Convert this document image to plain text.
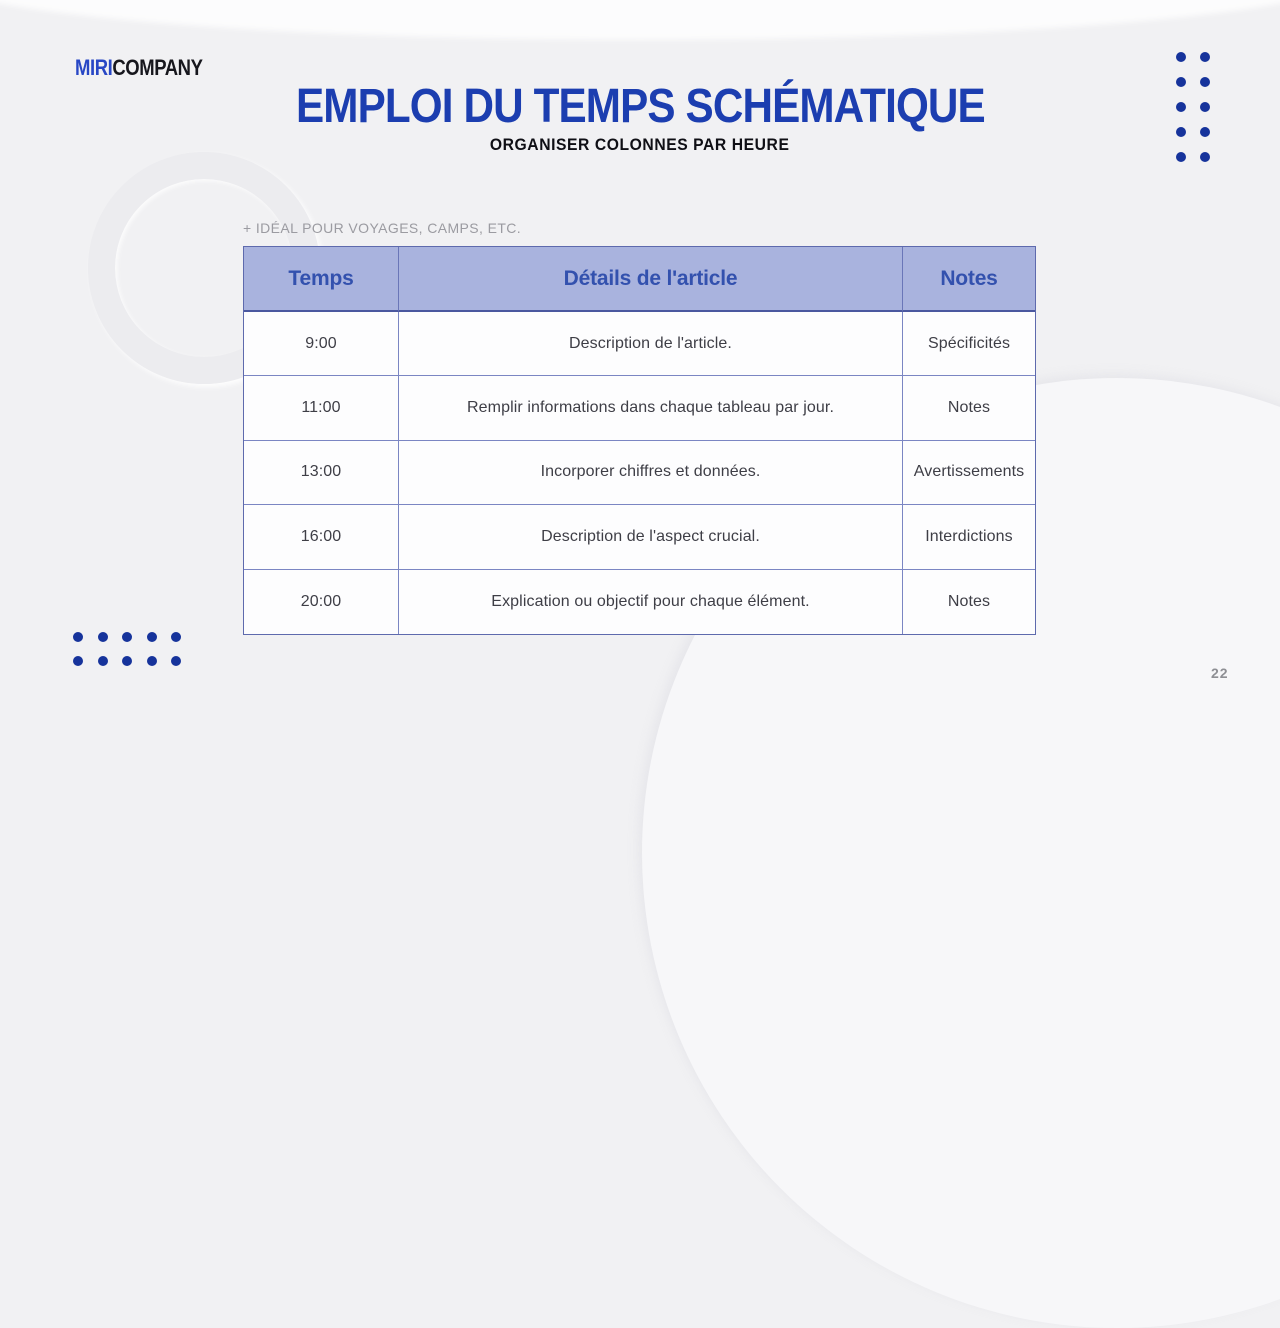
MIRICOMPANY
EMPLOI DU TEMPS SCHÉMATIQUE
ORGANISER COLONNES PAR HEURE
+ IDÉAL POUR VOYAGES, CAMPS, ETC.
Temps	Détails de l'article	Notes
9:00	Description de l'article.	Spécificités
11:00	Remplir informations dans chaque tableau par jour.	Notes
13:00	Incorporer chiffres et données.	Avertissements
16:00	Description de l'aspect crucial.	Interdictions
20:00	Explication ou objectif pour chaque élément.	Notes
22
